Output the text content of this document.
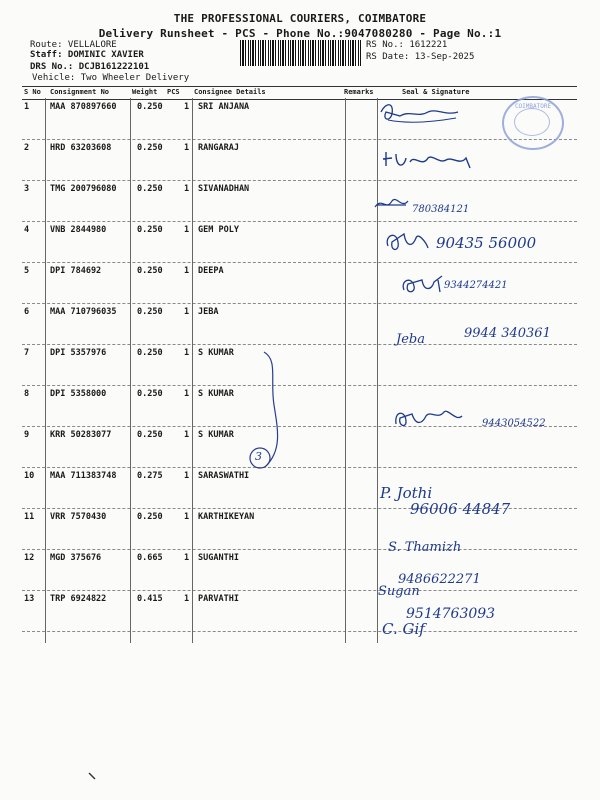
THE PROFESSIONAL COURIERS, COIMBATORE
Delivery Runsheet - PCS - Phone No.:9047080280 - Page No.:1
Route: VELLALORE
Staff: DOMINIC XAVIER
DRS No.: DCJB161222101
Vehicle: Two Wheeler Delivery
RS No.: 1612221
RS Date: 13-Sep-2025
S No Consignment No	Weight PCS Consignee Details	Remarks	Seal & Signature
1 MAA 870897660 0.250	1 SRI ANJANA
2 HRD 63203608	0.250	1 RANGARAJ
3 TMG 200796080 0.250	1 SIVANADHAN
4 VNB 2844980	0.250	1 GEM POLY
5 DPI 784692	0.250	1 DEEPA
6 MAA 710796035 0.250	1 JEBA
7 DPI 5357976	0.250	1 S KUMAR
8 DPI 5358000	0.250	1 S KUMAR
9 KRR 50283077	0.250	1 S KUMAR
10 MAA 711383748 0.275	1 SARASWATHI
11 VRR 7570430	0.250	1 KARTHIKEYAN
12 MGD 375676	0.665	1 SUGANTHI
13 TRP 6924822	0.415	1 PARVATHI
780384121
90435 56000
9344274421
Jeba	9944 340361
9443054522
P. Jothi
96006 44847
S. Thamizh
9486622271
Sugan
9514763093
C. Gif
3
COIMBATORE
